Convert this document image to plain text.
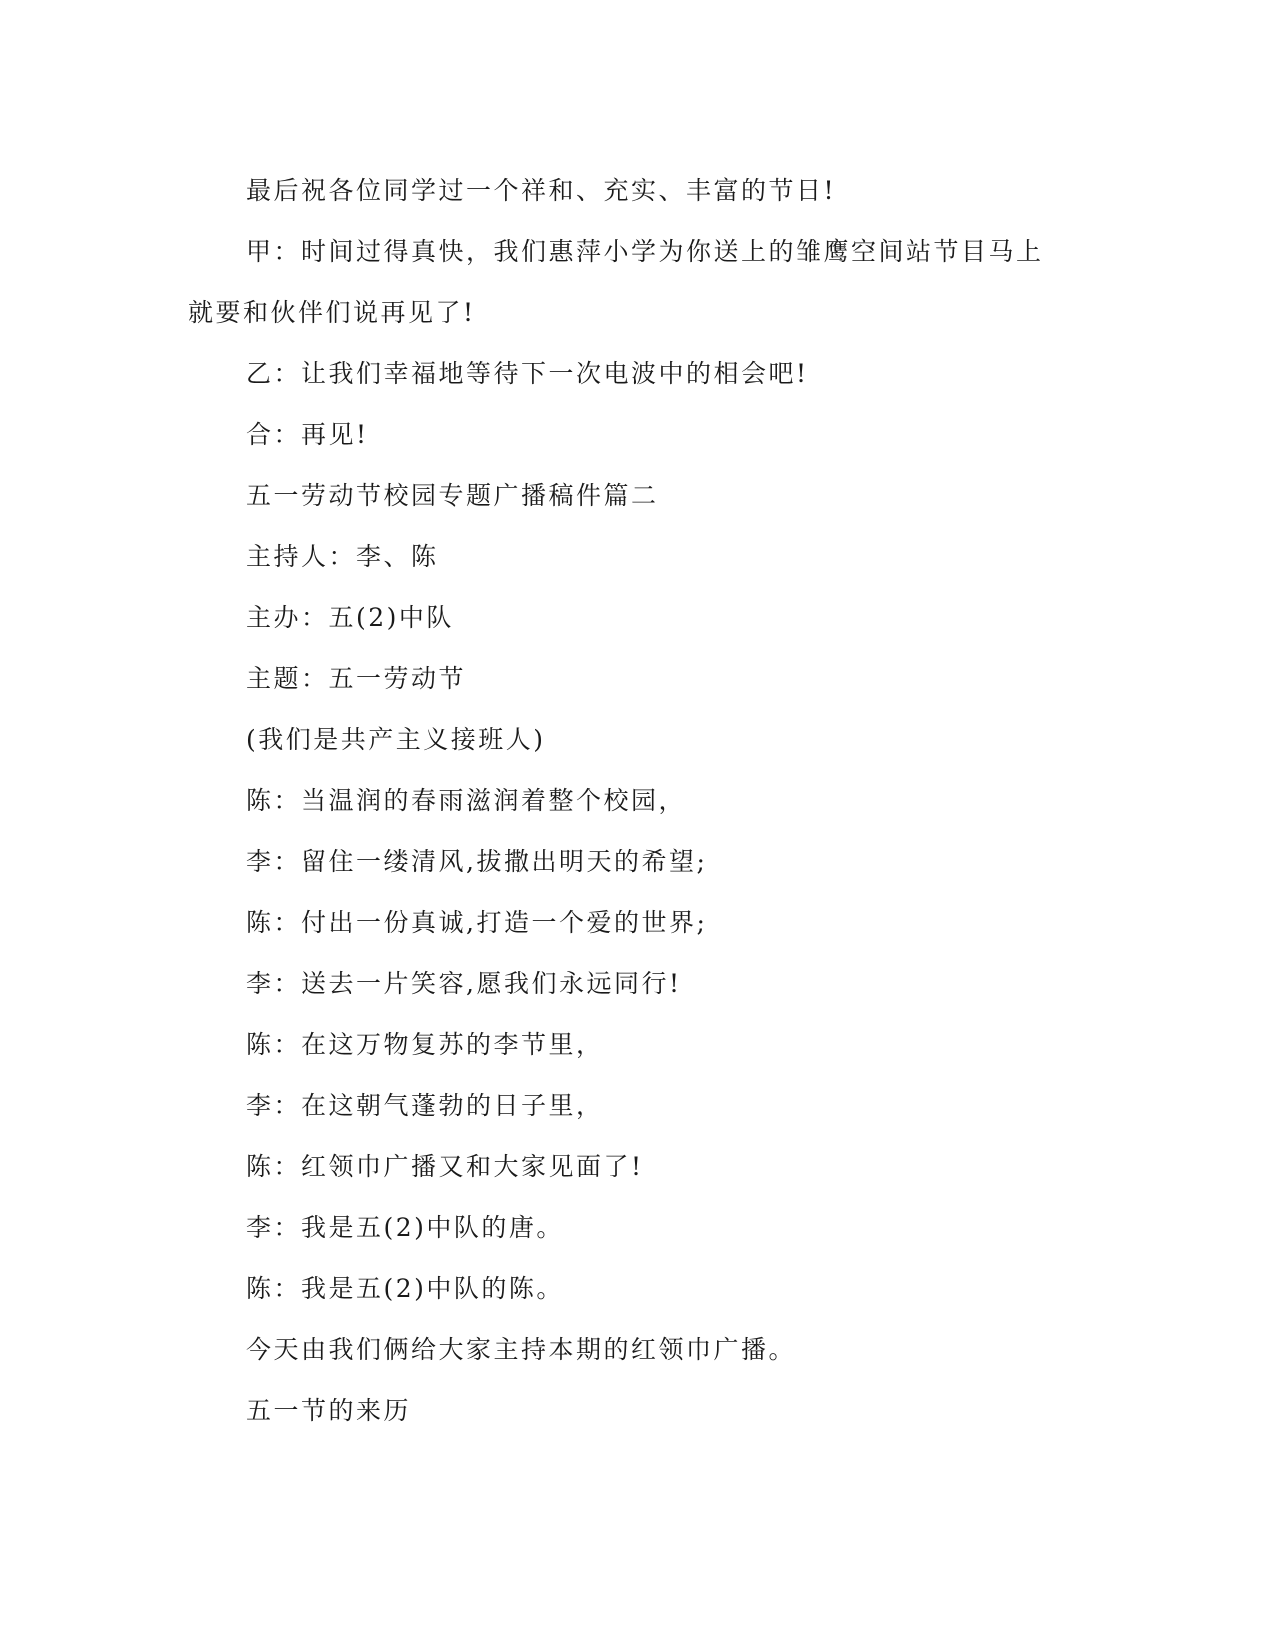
最后祝各位同学过一个祥和、充实、丰富的节日!

甲：时间过得真快，我们惠萍小学为你送上的雏鹰空间站节目马上就要和伙伴们说再见了!

乙：让我们幸福地等待下一次电波中的相会吧!

合：再见!

五一劳动节校园专题广播稿件篇二

主持人：李、陈

主办：五(2)中队

主题：五一劳动节

(我们是共产主义接班人)

陈：当温润的春雨滋润着整个校园，

李：留住一缕清风,拔撒出明天的希望;

陈：付出一份真诚,打造一个爱的世界;

李：送去一片笑容,愿我们永远同行!

陈：在这万物复苏的李节里，

李：在这朝气蓬勃的日子里，

陈：红领巾广播又和大家见面了!

李：我是五(2)中队的唐。

陈：我是五(2)中队的陈。

今天由我们俩给大家主持本期的红领巾广播。

五一节的来历
